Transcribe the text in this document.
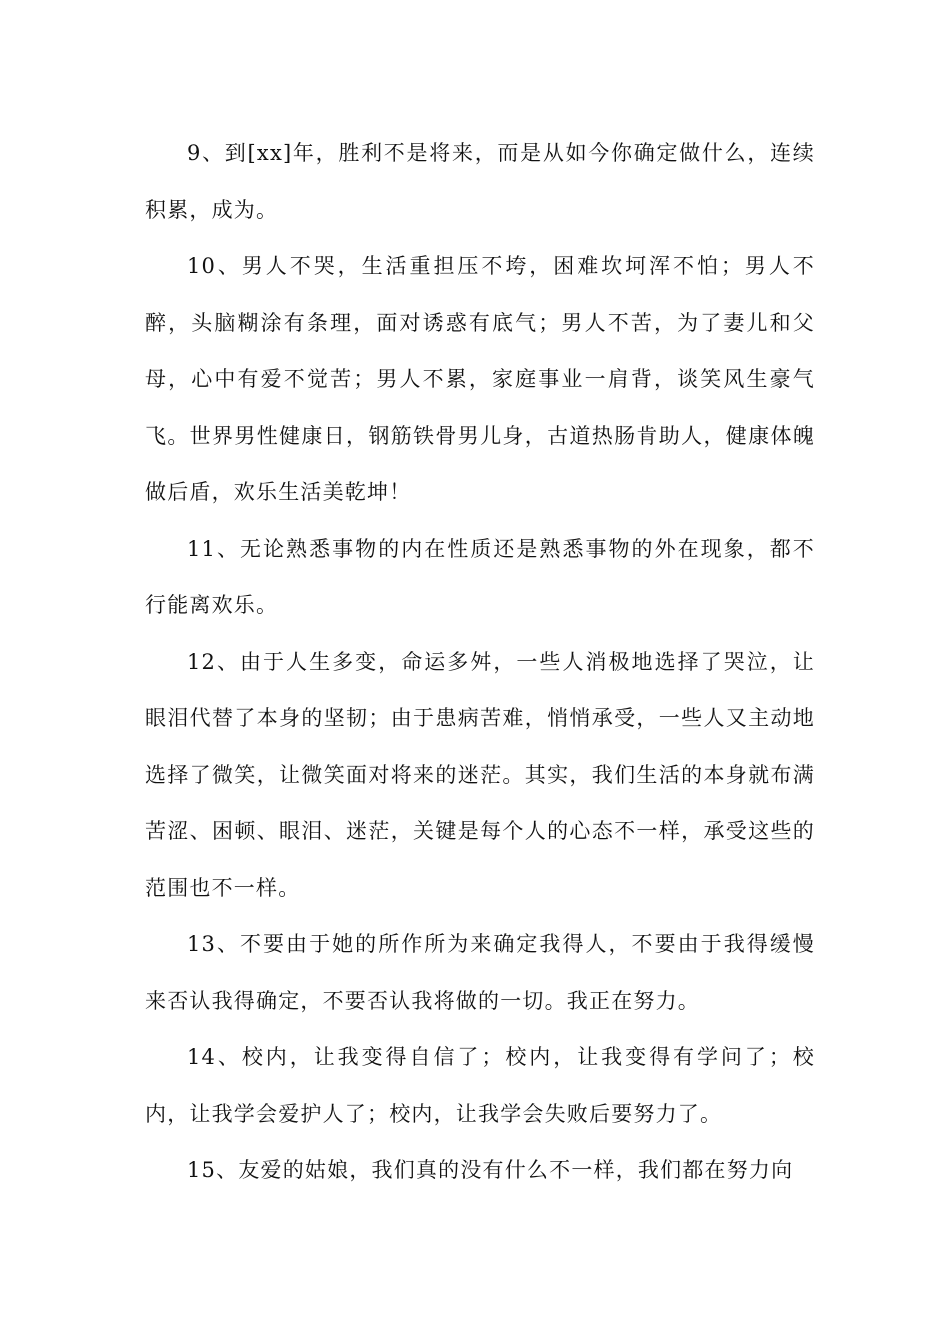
9、到[xx]年，胜利不是将来，而是从如今你确定做什么，连续积累，成为。

10、男人不哭，生活重担压不垮，困难坎坷浑不怕；男人不醉，头脑糊涂有条理，面对诱惑有底气；男人不苦，为了妻儿和父母，心中有爱不觉苦；男人不累，家庭事业一肩背，谈笑风生豪气飞。世界男性健康日，钢筋铁骨男儿身，古道热肠肯助人，健康体魄做后盾，欢乐生活美乾坤！

11、无论熟悉事物的内在性质还是熟悉事物的外在现象，都不行能离欢乐。

12、由于人生多变，命运多舛，一些人消极地选择了哭泣，让眼泪代替了本身的坚韧；由于患病苦难，悄悄承受，一些人又主动地选择了微笑，让微笑面对将来的迷茫。其实，我们生活的本身就布满苦涩、困顿、眼泪、迷茫，关键是每个人的心态不一样，承受这些的范围也不一样。

13、不要由于她的所作所为来确定我得人，不要由于我得缓慢来否认我得确定，不要否认我将做的一切。我正在努力。

14、校内，让我变得自信了；校内，让我变得有学问了；校内，让我学会爱护人了；校内，让我学会失败后要努力了。

15、友爱的姑娘，我们真的没有什么不一样，我们都在努力向
